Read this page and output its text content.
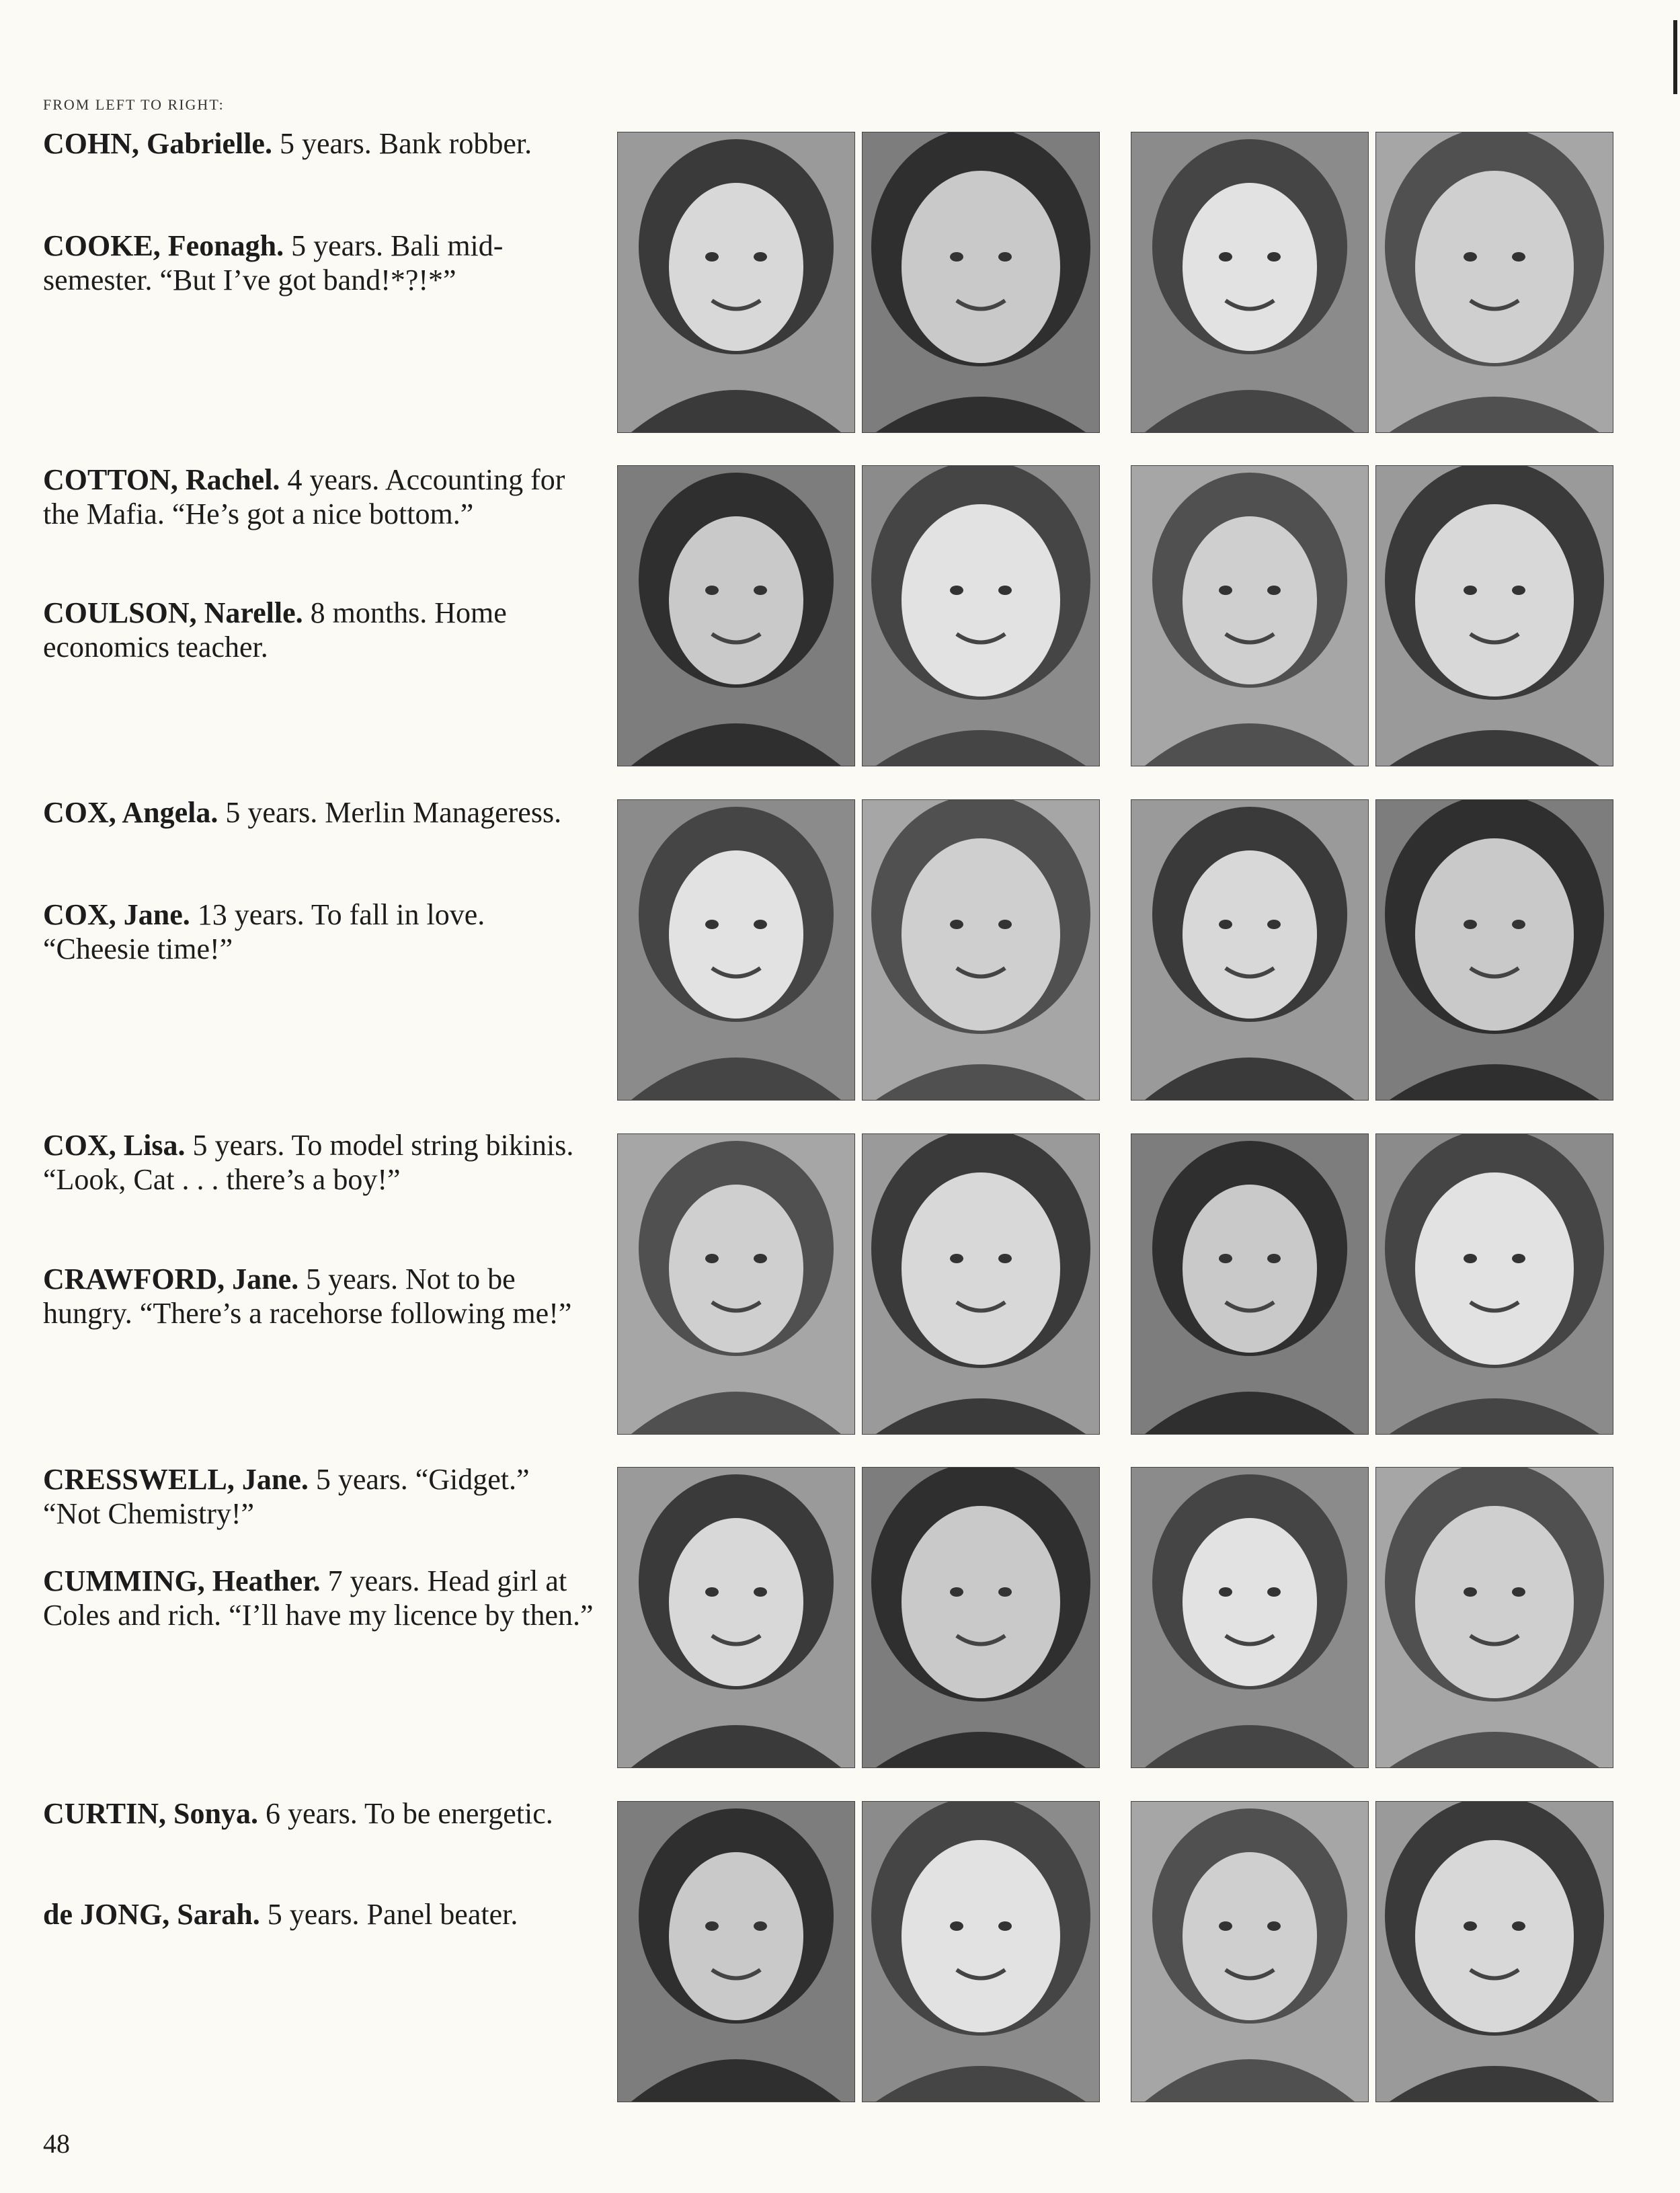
FROM LEFT TO RIGHT:
COHN, Gabrielle. 5 years. Bank robber.
COOKE, Feonagh. 5 years. Bali mid-semester. “But I’ve got band!*?!*”
COTTON, Rachel. 4 years. Accounting for the Mafia. “He’s got a nice bottom.”
COULSON, Narelle. 8 months. Home economics teacher.
COX, Angela. 5 years. Merlin Manageress.
COX, Jane. 13 years. To fall in love. “Cheesie time!”
COX, Lisa. 5 years. To model string bikinis. “Look, Cat . . . there’s a boy!”
CRAWFORD, Jane. 5 years. Not to be hungry. “There’s a racehorse following me!”
CRESSWELL, Jane. 5 years. “Gidget.” “Not Chemistry!”
CUMMING, Heather. 7 years. Head girl at Coles and rich. “I’ll have my licence by then.”
CURTIN, Sonya. 6 years. To be energetic.
de JONG, Sarah. 5 years. Panel beater.
48
